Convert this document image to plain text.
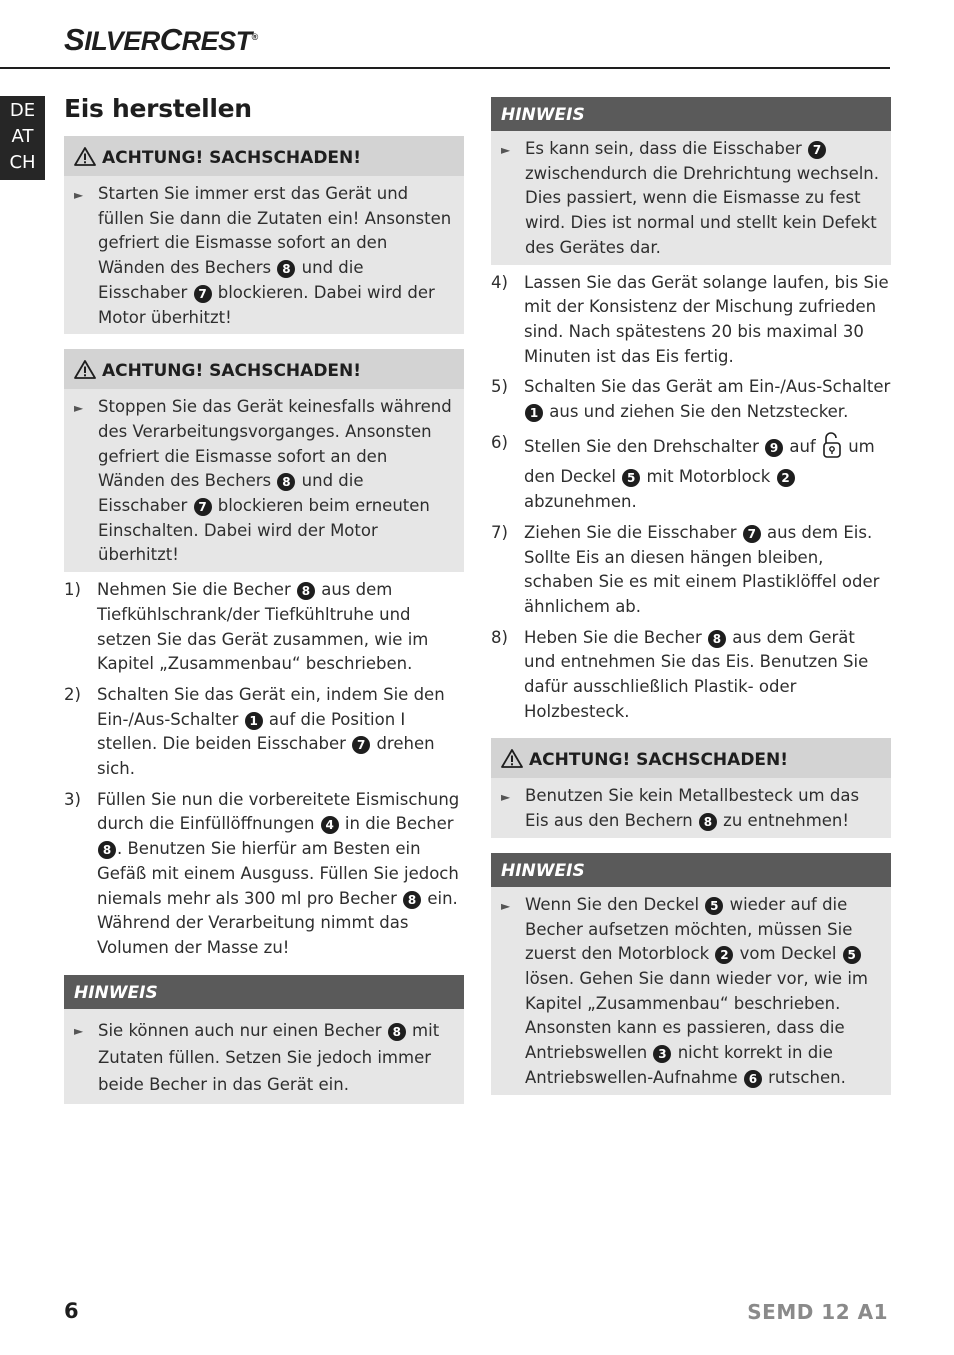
SILVERCREST®
DE
AT
CH
Eis herstellen
ACHTUNG! SACHSCHADEN!
► Starten Sie immer erst das Gerät und füllen Sie dann die Zutaten ein! Ansonsten gefriert die Eismasse sofort an den Wänden des Bechers 8 und die Eisschaber 7 blockieren. Dabei wird der Motor überhitzt!
ACHTUNG! SACHSCHADEN!
► Stoppen Sie das Gerät keinesfalls während des Verarbeitungsvorganges. Ansonsten gefriert die Eismasse sofort an den Wänden des Bechers 8 und die Eisschaber 7 blockieren beim erneuten Einschalten. Dabei wird der Motor überhitzt!
1) Nehmen Sie die Becher 8 aus dem Tiefkühlschrank/der Tiefkühltruhe und setzen Sie das Gerät zusammen, wie im Kapitel „Zusammenbau“ beschrieben.
2) Schalten Sie das Gerät ein, indem Sie den Ein-/Aus-Schalter 1 auf die Position I stellen. Die beiden Eisschaber 7 drehen sich.
3) Füllen Sie nun die vorbereitete Eismischung durch die Einfüllöffnungen 4 in die Becher 8 . Benutzen Sie hierfür am Besten ein Gefäß mit einem Ausguss. Füllen Sie jedoch niemals mehr als 300 ml pro Becher 8 ein. Während der Verarbeitung nimmt das Volumen der Masse zu!
HINWEIS
► Sie können auch nur einen Becher 8 mit Zutaten füllen. Setzen Sie jedoch immer beide Becher in das Gerät ein.
HINWEIS
► Es kann sein, dass die Eisschaber 7 zwischendurch die Drehrichtung wechseln. Dies passiert, wenn die Eismasse zu fest wird. Dies ist normal und stellt kein Defekt des Gerätes dar.
4) Lassen Sie das Gerät solange laufen, bis Sie mit der Konsistenz der Mischung zufrieden sind. Nach spätestens 20 bis maximal 30 Minuten ist das Eis fertig.
5) Schalten Sie das Gerät am Ein-/Aus-Schalter 1 aus und ziehen Sie den Netzstecker.
6) Stellen Sie den Drehschalter 9 auf  um den Deckel 5 mit Motorblock 2 abzunehmen.
7) Ziehen Sie die Eisschaber 7 aus dem Eis. Sollte Eis an diesen hängen bleiben, schaben Sie es mit einem Plastiklöffel oder ähnlichem ab.
8) Heben Sie die Becher 8 aus dem Gerät und entnehmen Sie das Eis. Benutzen Sie dafür ausschließlich Plastik- oder Holzbesteck.
ACHTUNG! SACHSCHADEN!
► Benutzen Sie kein Metallbesteck um das Eis aus den Bechern 8 zu entnehmen!
HINWEIS
► Wenn Sie den Deckel 5 wieder auf die Becher aufsetzen möchten, müssen Sie zuerst den Motorblock 2 vom Deckel 5 lösen. Gehen Sie dann wieder vor, wie im Kapitel „Zusammenbau“ beschrieben. Ansonsten kann es passieren, dass die Antriebswellen 3 nicht korrekt in die Antriebswellen-Aufnahme 6 rutschen.
6	SEMD 12 A1
